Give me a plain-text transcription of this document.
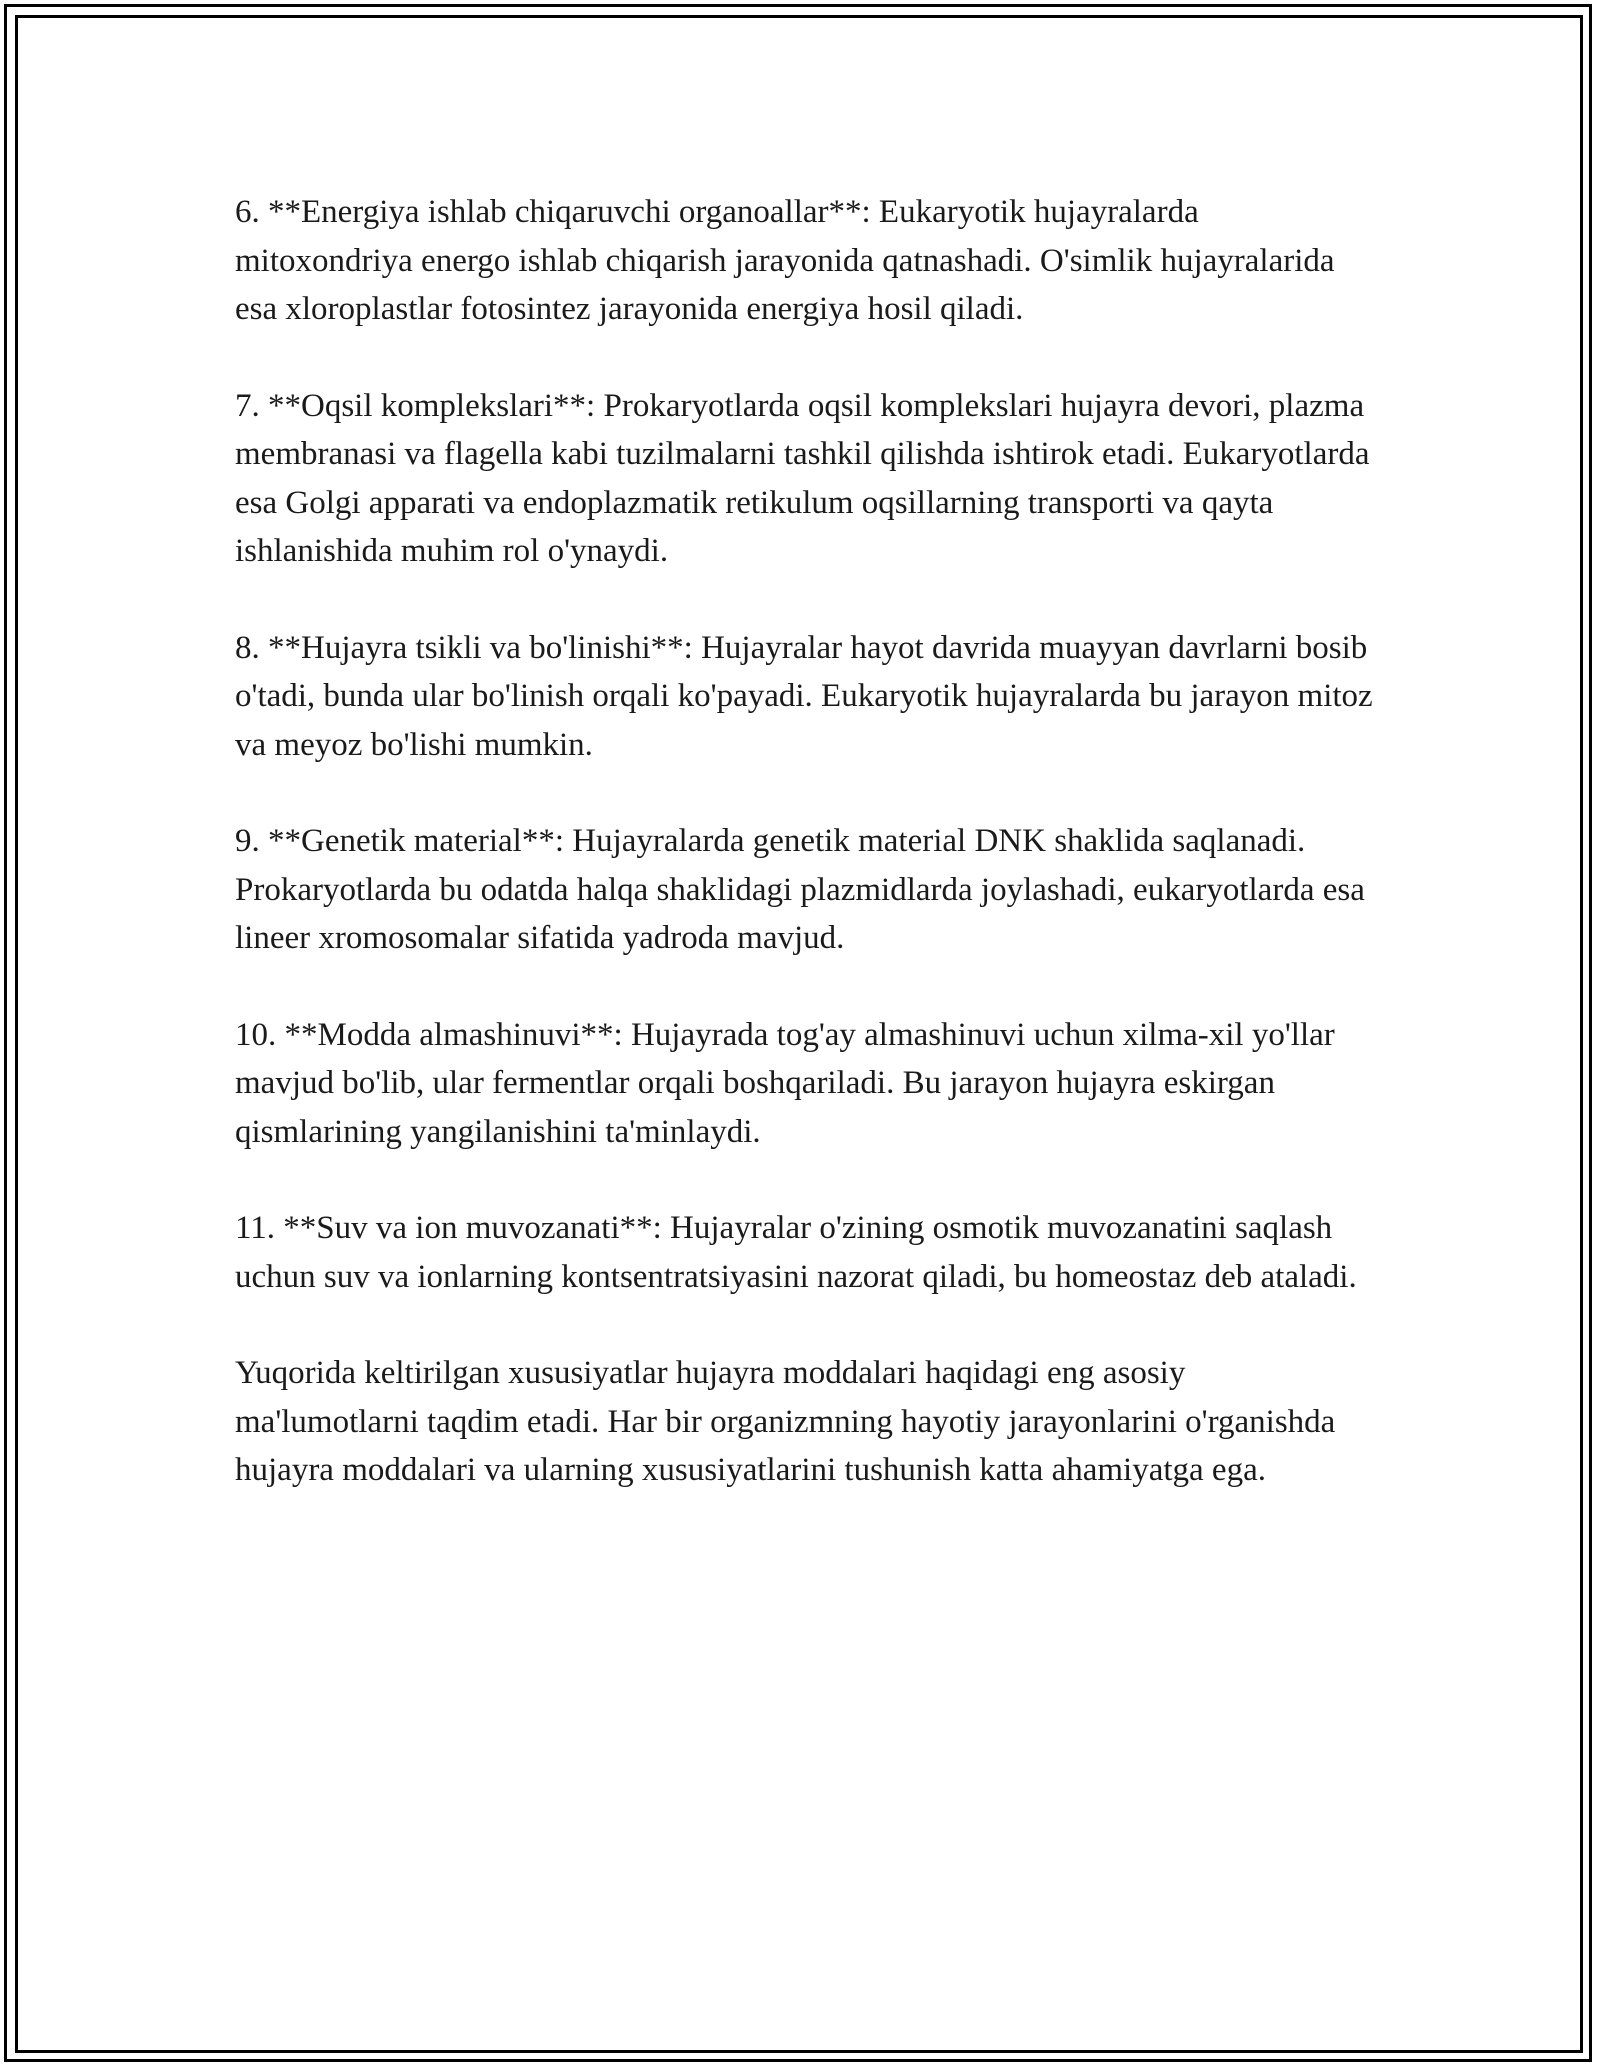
6. **Energiya ishlab chiqaruvchi organoallar**: Eukaryotik hujayralarda mitoxondriya energo ishlab chiqarish jarayonida qatnashadi. O'simlik hujayralarida esa xloroplastlar fotosintez jarayonida energiya hosil qiladi.

7. **Oqsil komplekslari**: Prokaryotlarda oqsil komplekslari hujayra devori, plazma membranasi va flagella kabi tuzilmalarni tashkil qilishda ishtirok etadi. Eukaryotlarda esa Golgi apparati va endoplazmatik retikulum oqsillarning transporti va qayta ishlanishida muhim rol o'ynaydi.

8. **Hujayra tsikli va bo'linishi**: Hujayralar hayot davrida muayyan davrlarni bosib o'tadi, bunda ular bo'linish orqali ko'payadi. Eukaryotik hujayralarda bu jarayon mitoz va meyoz bo'lishi mumkin.

9. **Genetik material**: Hujayralarda genetik material DNK shaklida saqlanadi. Prokaryotlarda bu odatda halqa shaklidagi plazmidlarda joylashadi, eukaryotlarda esa lineer xromosomalar sifatida yadroda mavjud.

10. **Modda almashinuvi**: Hujayrada tog'ay almashinuvi uchun xilma-xil yo'llar mavjud bo'lib, ular fermentlar orqali boshqariladi. Bu jarayon hujayra eskirgan qismlarining yangilanishini ta'minlaydi.

11. **Suv va ion muvozanati**: Hujayralar o'zining osmotik muvozanatini saqlash uchun suv va ionlarning kontsentratsiyasini nazorat qiladi, bu homeostaz deb ataladi.

Yuqorida keltirilgan xususiyatlar hujayra moddalari haqidagi eng asosiy ma'lumotlarni taqdim etadi. Har bir organizmning hayotiy jarayonlarini o'rganishda hujayra moddalari va ularning xususiyatlarini tushunish katta ahamiyatga ega.
